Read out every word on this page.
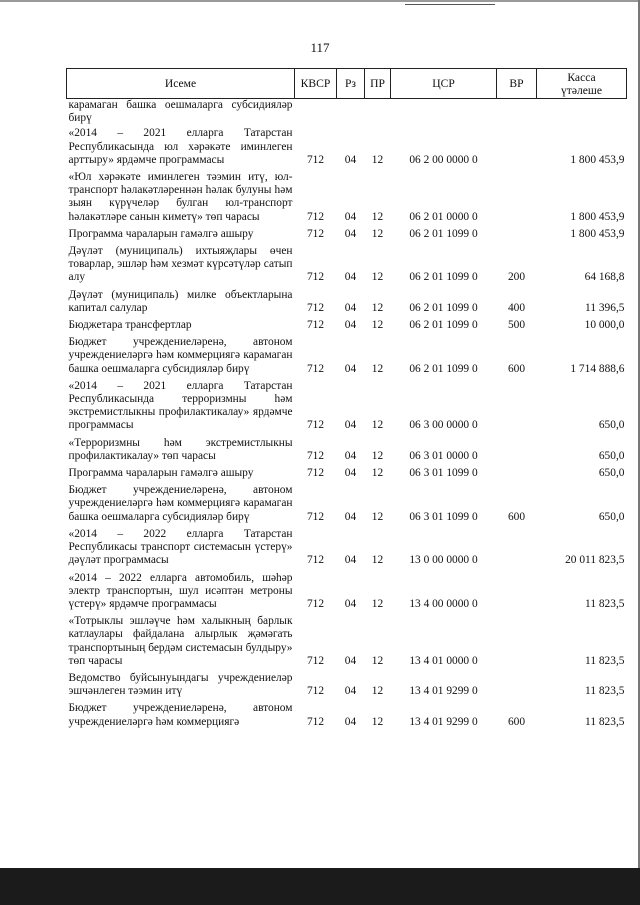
117
Исеме	КВСР	Рз	ПР	ЦСР	ВР	Касса
үтәлеше

карамаган башка оешмаларга субсидияләр бирү						
«2014 – 2021 елларга Татарстан Республикасында юл хәрәкәте иминлеген арттыру» ярдәмче программасы	712	04	12	06 2 00 0000 0		1 800 453,9
«Юл хәрәкәте иминлеген тәэмин итү, юл-транспорт һәлакәтләреннән һәлак булуны һәм зыян күрүчеләр булган юл-транспорт һәлакәтләре санын киметү» төп чарасы	712	04	12	06 2 01 0000 0		1 800 453,9
Программа чараларын гамәлгә ашыру	712	04	12	06 2 01 1099 0		1 800 453,9
Дәүләт (муниципаль) ихтыяҗлары өчен товарлар, эшләр һәм хезмәт күрсәтүләр сатып алу	712	04	12	06 2 01 1099 0	200	64 168,8
Дәүләт (муниципаль) милке объектларына капитал салулар	712	04	12	06 2 01 1099 0	400	11 396,5
Бюджетара трансфертлар	712	04	12	06 2 01 1099 0	500	10 000,0
Бюджет учреждениеләренә, автоном учреждениеләргә һәм коммерциягә карамаган башка оешмаларга субсидияләр бирү	712	04	12	06 2 01 1099 0	600	1 714 888,6
«2014 – 2021 елларга Татарстан Республикасында терроризмны һәм экстремистлыкны профилактикалау» ярдәмче программасы	712	04	12	06 3 00 0000 0		650,0
«Терроризмны һәм экстремистлыкны профилактикалау» төп чарасы	712	04	12	06 3 01 0000 0		650,0
Программа чараларын гамәлгә ашыру	712	04	12	06 3 01 1099 0		650,0
Бюджет учреждениеләренә, автоном учреждениеләргә һәм коммерциягә карамаган башка оешмаларга субсидияләр бирү	712	04	12	06 3 01 1099 0	600	650,0
«2014 – 2022 елларга Татарстан Республикасы транспорт системасын үстерү» дәүләт программасы	712	04	12	13 0 00 0000 0		20 011 823,5
«2014 – 2022 елларга автомобиль, шәһәр электр транспортын, шул исәптән метроны үстерү» ярдәмче программасы	712	04	12	13 4 00 0000 0		11 823,5
«Тотрыклы эшләүче һәм халыкның барлык катлаулары файдалана алырлык җәмәгать транспортының бердәм системасын булдыру» төп чарасы	712	04	12	13 4 01 0000 0		11 823,5
Ведомство буйсынуындагы учреждениеләр эшчәнлеген тәэмин итү	712	04	12	13 4 01 9299 0		11 823,5
Бюджет учреждениеләренә, автоном учреждениеләргә һәм коммерциягә	712	04	12	13 4 01 9299 0	600	11 823,5
